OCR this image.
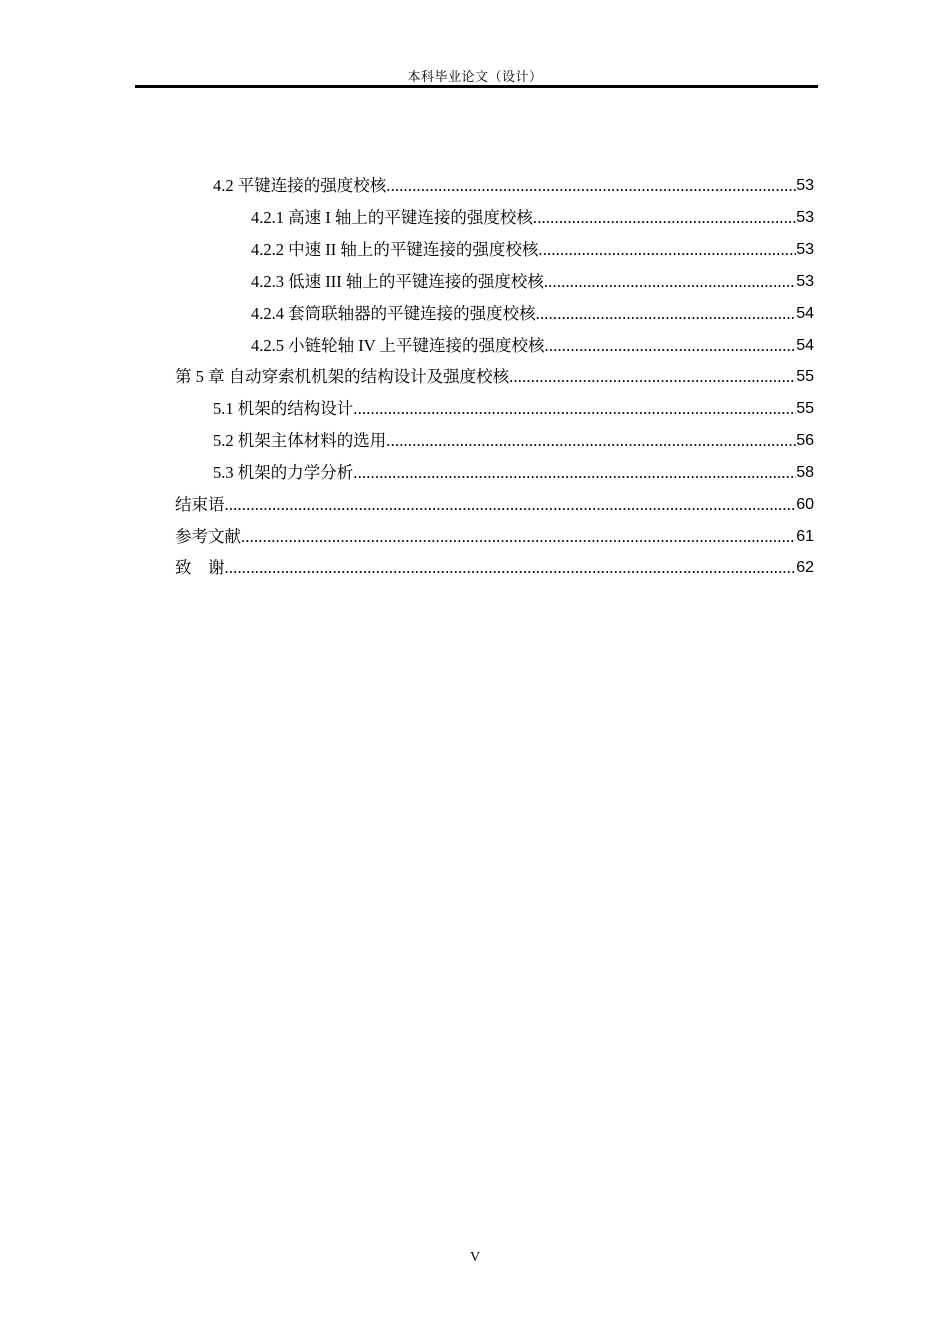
本科毕业论文（设计）
4.2 平键连接的强度校核 .....	53
4.2.1 高速 I 轴上的平键连接的强度校核 .....	53
4.2.2 中速 II 轴上的平键连接的强度校核 .....	53
4.2.3 低速 III 轴上的平键连接的强度校核 .....	53
4.2.4 套筒联轴器的平键连接的强度校核 .....	54
4.2.5 小链轮轴 IV 上平键连接的强度校核 .....	54
第 5 章 自动穿索机机架的结构设计及强度校核 .....	55
5.1 机架的结构设计 .....	55
5.2 机架主体材料的选用 .....	56
5.3 机架的力学分析 .....	58
结束语 .....	60
参考文献 .....	61
致    谢 .....	62
V
